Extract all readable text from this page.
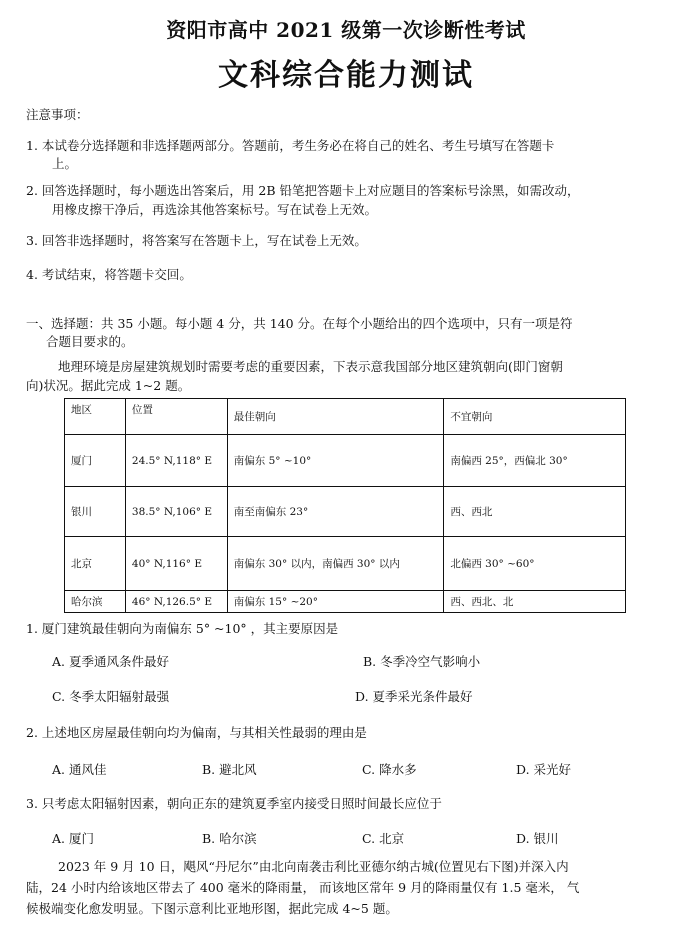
资阳市高中 2021 级第一次诊断性考试
文科综合能力测试
注意事项：
1. 本试卷分选择题和非选择题两部分。答题前，考生务必在将自己的姓名、考生号填写在答题卡
上。
2. 回答选择题时，每小题选出答案后，用 2B 铅笔把答题卡上对应题目的答案标号涂黑，如需改动，
用橡皮擦干净后，再选涂其他答案标号。写在试卷上无效。
3. 回答非选择题时，将答案写在答题卡上，写在试卷上无效。
4. 考试结束，将答题卡交回。
一、选择题：共 35 小题。每小题 4 分，共 140 分。在每个小题给出的四个选项中，只有一项是符
合题目要求的。
地理环境是房屋建筑规划时需要考虑的重要因素，下表示意我国部分地区建筑朝向(即门窗朝
向)状况。据此完成 1~2 题。
地区	位置	最佳朝向	不宜朝向
厦门	24.5° N,118° E	南偏东 5° ~10°	南偏西 25°，西偏北 30°
银川	38.5° N,106° E	南至南偏东 23°	西、西北
北京	40° N,116° E	南偏东 30° 以内，南偏西 30° 以内	北偏西 30° ~60°
哈尔滨	46° N,126.5° E	南偏东 15° ~20°	西、西北、北
1. 厦门建筑最佳朝向为南偏东 5° ~10° ，其主要原因是
A. 夏季通风条件最好	B. 冬季冷空气影响小
C. 冬季太阳辐射最强	D. 夏季采光条件最好
2. 上述地区房屋最佳朝向均为偏南，与其相关性最弱的理由是
A. 通风佳	B. 避北风	C. 降水多	D. 采光好
3. 只考虑太阳辐射因素，朝向正东的建筑夏季室内接受日照时间最长应位于
A. 厦门	B. 哈尔滨	C. 北京	D. 银川
2023 年 9 月 10 日，飓风“丹尼尔”由北向南袭击利比亚德尔纳古城(位置见右下图)并深入内
陆，24 小时内给该地区带去了 400 毫米的降雨量， 而该地区常年 9 月的降雨量仅有 1.5 毫米， 气
候极端变化愈发明显。下图示意利比亚地形图，据此完成 4~5 题。
